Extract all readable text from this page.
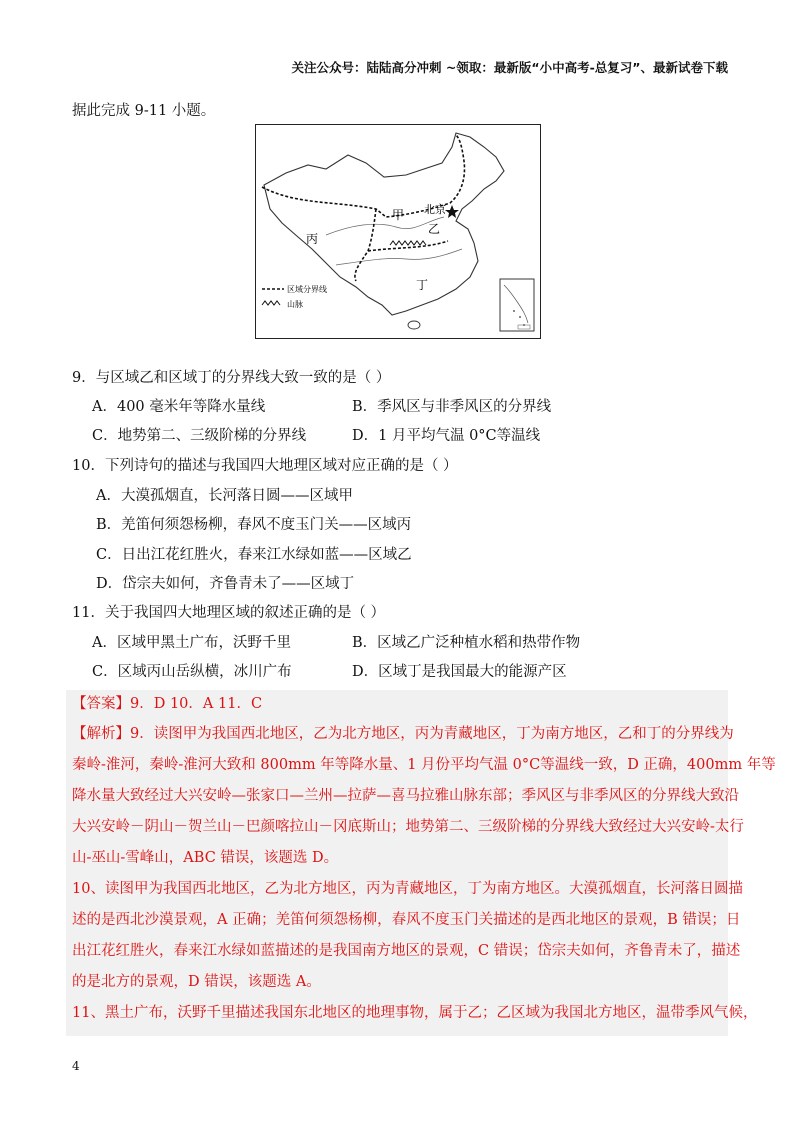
关注公众号：陆陆高分冲刺 ~领取：最新版“小中高考-总复习”、最新试卷下载
据此完成 9-11 小题。
甲 北京
乙
丙
丁
区域分界线
山脉
9．与区域乙和区域丁的分界线大致一致的是（ ）
A．400 毫米年等降水量线	B．季风区与非季风区的分界线
C．地势第二、三级阶梯的分界线	D．1 月平均气温 0°C等温线
10．下列诗句的描述与我国四大地理区域对应正确的是（ ）
A．大漠孤烟直，长河落日圆——区域甲
B．羌笛何须怨杨柳，春风不度玉门关——区域丙
C．日出江花红胜火，春来江水绿如蓝——区域乙
D．岱宗夫如何，齐鲁青未了——区域丁
11．关于我国四大地理区域的叙述正确的是（ ）
A．区域甲黑土广布，沃野千里	B．区域乙广泛种植水稻和热带作物
C．区域丙山岳纵横，冰川广布	D．区域丁是我国最大的能源产区
【答案】9．D 10．A 11．C
【解析】9．读图甲为我国西北地区，乙为北方地区，丙为青藏地区，丁为南方地区，乙和丁的分界线为
秦岭-淮河，秦岭-淮河大致和 800mm 年等降水量、1 月份平均气温 0°C等温线一致，D 正确，400mm 年等
降水量大致经过大兴安岭—张家口—兰州—拉萨—喜马拉雅山脉东部；季风区与非季风区的分界线大致沿
大兴安岭－阴山－贺兰山－巴颜喀拉山－冈底斯山；地势第二、三级阶梯的分界线大致经过大兴安岭-太行
山-巫山-雪峰山，ABC 错误，该题选 D。
10、读图甲为我国西北地区，乙为北方地区，丙为青藏地区，丁为南方地区。大漠孤烟直，长河落日圆描
述的是西北沙漠景观，A 正确；羌笛何须怨杨柳，春风不度玉门关描述的是西北地区的景观，B 错误；日
出江花红胜火，春来江水绿如蓝描述的是我国南方地区的景观，C 错误；岱宗夫如何，齐鲁青未了，描述
的是北方的景观，D 错误，该题选 A。
11、黑土广布，沃野千里描述我国东北地区的地理事物，属于乙；乙区域为我国北方地区，温带季风气候，
4
